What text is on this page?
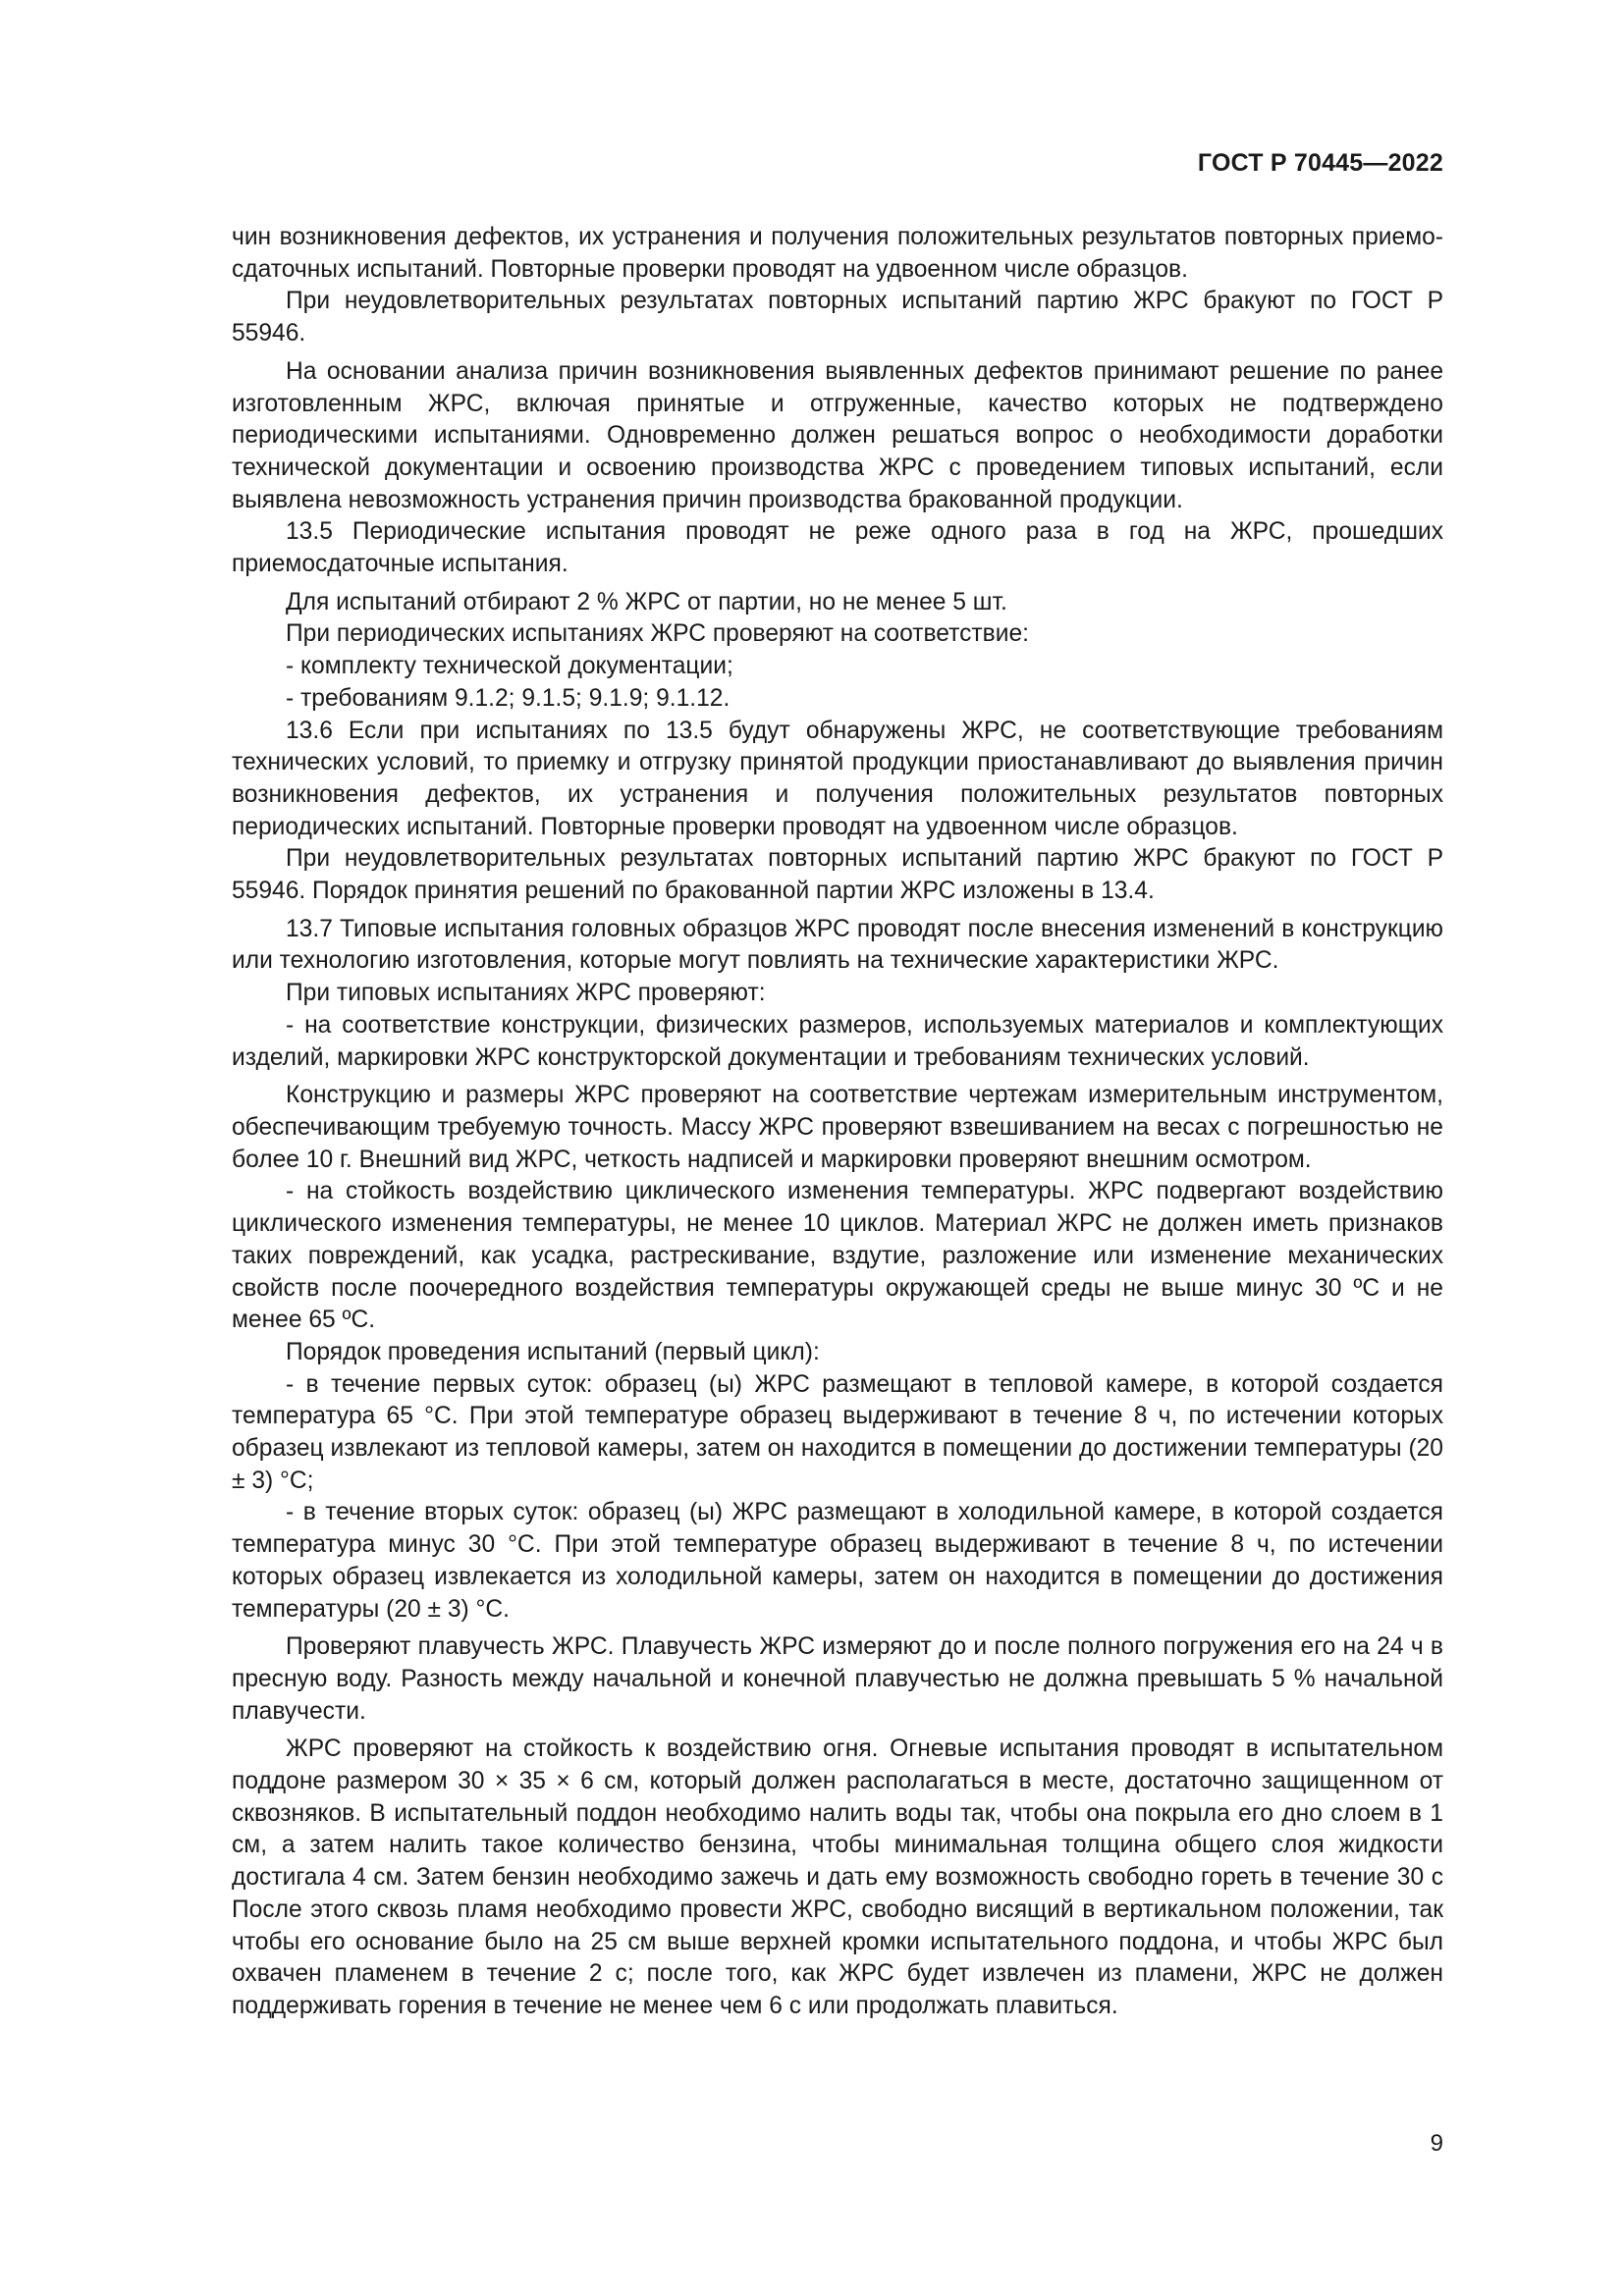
ГОСТ Р 70445—2022

чин возникновения дефектов, их устранения и получения положительных результатов повторных приемо-сдаточных испытаний. Повторные проверки проводят на удвоенном числе образцов.

При неудовлетворительных результатах повторных испытаний партию ЖРС бракуют по ГОСТ Р 55946.

На основании анализа причин возникновения выявленных дефектов принимают решение по ранее изготовленным ЖРС, включая принятые и отгруженные, качество которых не подтверждено периодическими испытаниями. Одновременно должен решаться вопрос о необходимости доработки технической документации и освоению производства ЖРС с проведением типовых испытаний, если выявлена невозможность устранения причин производства бракованной продукции.

13.5 Периодические испытания проводят не реже одного раза в год на ЖРС, прошедших приемосдаточные испытания.

Для испытаний отбирают 2 % ЖРС от партии, но не менее 5 шт.

При периодических испытаниях ЖРС проверяют на соответствие:

- комплекту технической документации;

- требованиям 9.1.2; 9.1.5; 9.1.9; 9.1.12.

13.6 Если при испытаниях по 13.5 будут обнаружены ЖРС, не соответствующие требованиям технических условий, то приемку и отгрузку принятой продукции приостанавливают до выявления причин возникновения дефектов, их устранения и получения положительных результатов повторных периодических испытаний. Повторные проверки проводят на удвоенном числе образцов.

При неудовлетворительных результатах повторных испытаний партию ЖРС бракуют по ГОСТ Р 55946. Порядок принятия решений по бракованной партии ЖРС изложены в 13.4.

13.7 Типовые испытания головных образцов ЖРС проводят после внесения изменений в конструкцию или технологию изготовления, которые могут повлиять на технические характеристики ЖРС.

При типовых испытаниях ЖРС проверяют:

- на соответствие конструкции, физических размеров, используемых материалов и комплектующих изделий, маркировки ЖРС конструкторской документации и требованиям технических условий.

Конструкцию и размеры ЖРС проверяют на соответствие чертежам измерительным инструментом, обеспечивающим требуемую точность. Массу ЖРС проверяют взвешиванием на весах с погрешностью не более 10 г. Внешний вид ЖРС, четкость надписей и маркировки проверяют внешним осмотром.

- на стойкость воздействию циклического изменения температуры. ЖРС подвергают воздействию циклического изменения температуры, не менее 10 циклов. Материал ЖРС не должен иметь признаков таких повреждений, как усадка, растрескивание, вздутие, разложение или изменение механических свойств после поочередного воздействия температуры окружающей среды не выше минус 30 ºС и не менее 65 ºС.

Порядок проведения испытаний (первый цикл):

- в течение первых суток: образец (ы) ЖРС размещают в тепловой камере, в которой создается температура 65 °С. При этой температуре образец выдерживают в течение 8 ч, по истечении которых образец извлекают из тепловой камеры, затем он находится в помещении до достижении температуры (20 ± 3) °С;

- в течение вторых суток: образец (ы) ЖРС размещают в холодильной камере, в которой создается температура минус 30 °С. При этой температуре образец выдерживают в течение 8 ч, по истечении которых образец извлекается из холодильной камеры, затем он находится в помещении до достижения температуры (20 ± 3) °С.

Проверяют плавучесть ЖРС. Плавучесть ЖРС измеряют до и после полного погружения его на 24 ч в пресную воду. Разность между начальной и конечной плавучестью не должна превышать 5 % начальной плавучести.

ЖРС проверяют на стойкость к воздействию огня. Огневые испытания проводят в испытательном поддоне размером 30 × 35 × 6 см, который должен располагаться в месте, достаточно защищенном от сквозняков. В испытательный поддон необходимо налить воды так, чтобы она покрыла его дно слоем в 1 см, а затем налить такое количество бензина, чтобы минимальная толщина общего слоя жидкости достигала 4 см. Затем бензин необходимо зажечь и дать ему возможность свободно гореть в течение 30 с После этого сквозь пламя необходимо провести ЖРС, свободно висящий в вертикальном положении, так чтобы его основание было на 25 см выше верхней кромки испытательного поддона, и чтобы ЖРС был охвачен пламенем в течение 2 с; после того, как ЖРС будет извлечен из пламени, ЖРС не должен поддерживать горения в течение не менее чем 6 с или продолжать плавиться.

9
